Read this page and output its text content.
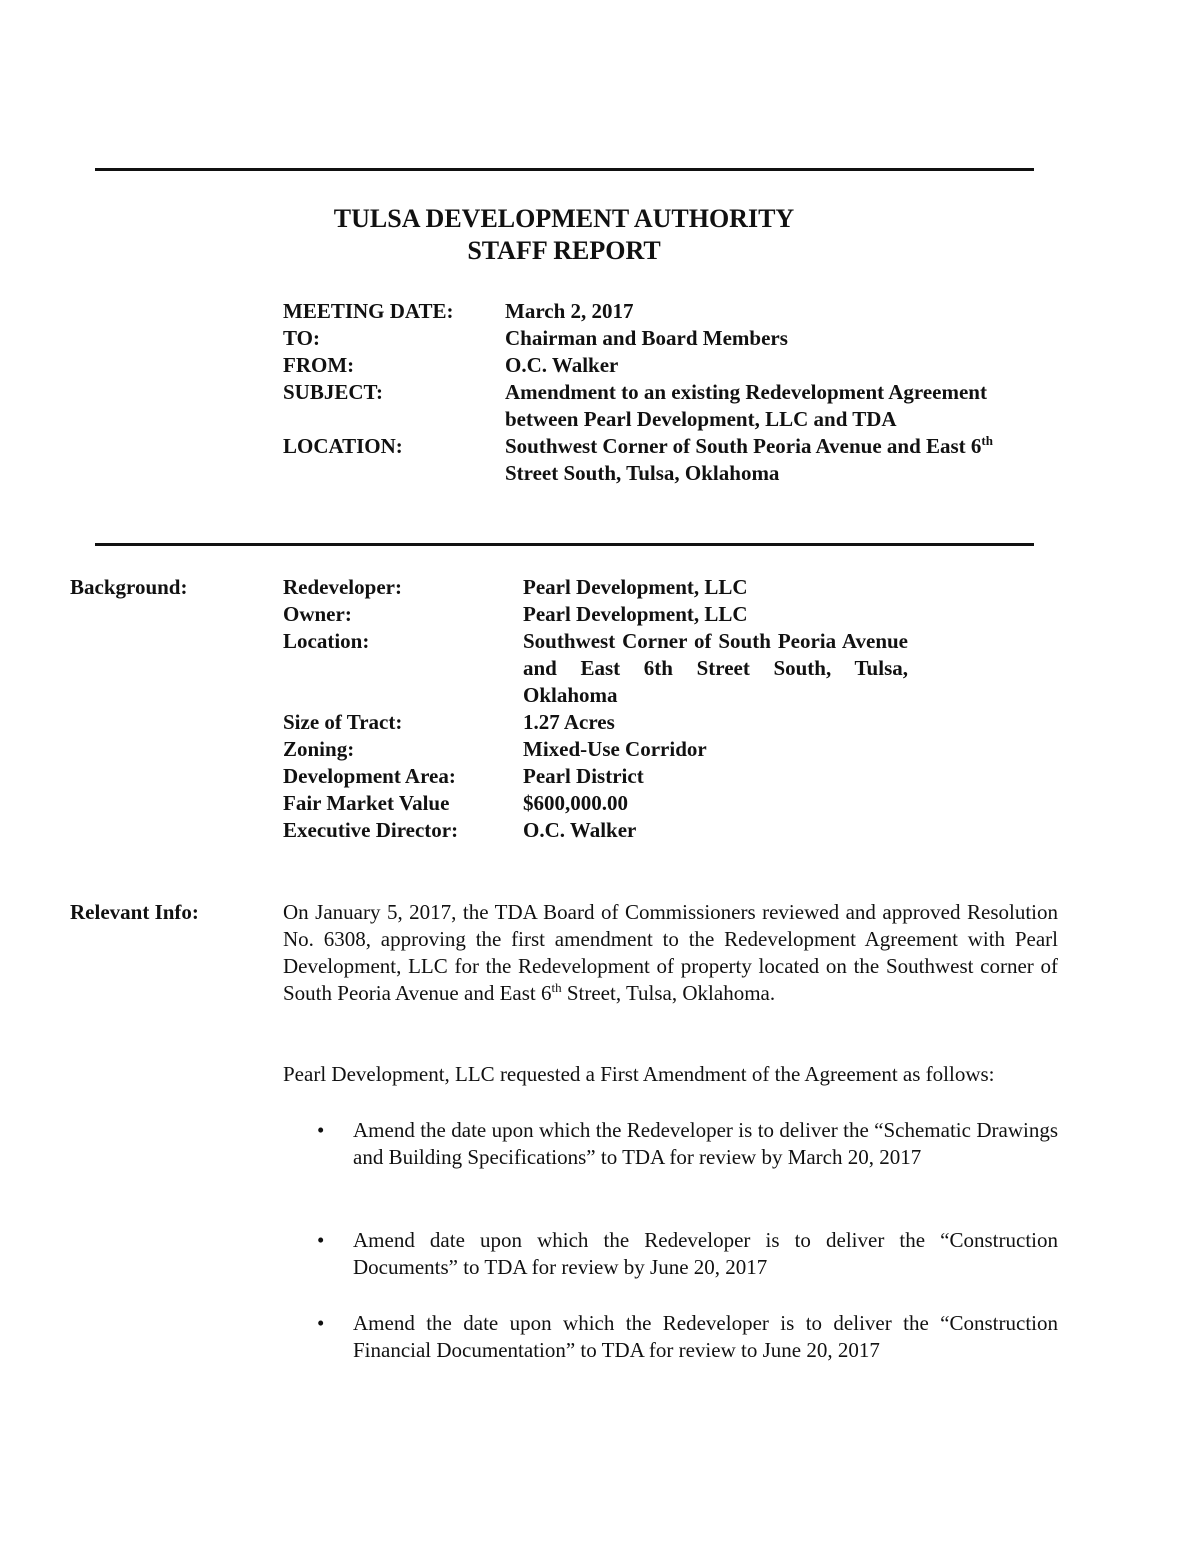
TULSA DEVELOPMENT AUTHORITY
STAFF REPORT
MEETING DATE:	March 2, 2017
TO:	Chairman and Board Members
FROM:	O.C. Walker
SUBJECT:	Amendment to an existing Redevelopment Agreement between Pearl Development, LLC and TDA
LOCATION:	Southwest Corner of South Peoria Avenue and East 6th Street South, Tulsa, Oklahoma
Background:	Redeveloper:	Pearl Development, LLC
Owner:	Pearl Development, LLC
Location:	Southwest Corner of South Peoria Avenue and East 6th Street South, Tulsa, Oklahoma
Size of Tract:	1.27 Acres
Zoning:	Mixed-Use Corridor
Development Area:	Pearl District
Fair Market Value	$600,000.00
Executive Director:	O.C. Walker
Relevant Info:	On January 5, 2017, the TDA Board of Commissioners reviewed and approved Resolution No. 6308, approving the first amendment to the Redevelopment Agreement with Pearl Development, LLC for the Redevelopment of property located on the Southwest corner of South Peoria Avenue and East 6th Street, Tulsa, Oklahoma.

Pearl Development, LLC requested a First Amendment of the Agreement as follows:

• Amend the date upon which the Redeveloper is to deliver the “Schematic Drawings and Building Specifications” to TDA for review by March 20, 2017
• Amend date upon which the Redeveloper is to deliver the “Construction Documents” to TDA for review by June 20, 2017
• Amend the date upon which the Redeveloper is to deliver the “Construction Financial Documentation” to TDA for review to June 20, 2017
